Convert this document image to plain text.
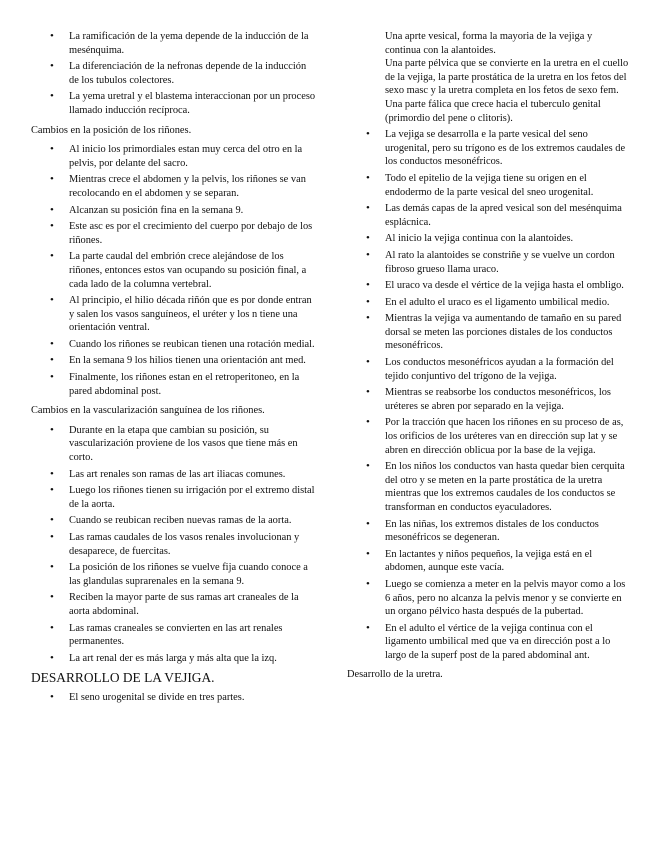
• La ramificación de la yema depende de la inducción de la mesénquima.
• La diferenciación de la nefronas depende de la inducción de los tubulos colectores.
• La yema uretral y el blastema interaccionan por un proceso llamado inducción recíproca.
Cambios en la posición de los riñones.
• Al inicio los primordiales estan muy cerca del otro en la pelvis, por delante del sacro.
• Mientras crece el abdomen y la pelvis, los riñones se van recolocando en el abdomen y se separan.
• Alcanzan su posición fina en la semana 9.
• Este asc es por el crecimiento del cuerpo por debajo de los riñones.
• La parte caudal del embrión crece alejándose de los riñones, entonces estos van ocupando su posición final, a cada lado de la columna vertebral.
• Al principio, el hilio década riñón que es por donde entran y salen los vasos sanguíneos, el uréter y los n tiene una orientación ventral.
• Cuando los riñones se reubican tienen una rotación medial.
• En la semana 9 los hilios tienen una orientación ant med.
• Finalmente, los riñones estan en el retroperitoneo, en la pared abdominal post.
Cambios en la vascularización sanguínea de los riñones.
• Durante en la etapa que cambian su posición, su vascularización proviene de los vasos que tiene más en corto.
• Las art renales son ramas de las art iliacas comunes.
• Luego los riñones tienen su irrigación por el extremo distal de la aorta.
• Cuando se reubican reciben nuevas ramas de la aorta.
• Las ramas caudales de los vasos renales involucionan y desaparece, de fuercitas.
• La posición de los riñones se vuelve fija cuando conoce a las glandulas suprarenales en la semana 9.
• Reciben la mayor parte de sus ramas art craneales de la aorta abdominal.
• Las ramas craneales se convierten en las art renales permanentes.
• La art renal der es más larga y más alta que la izq.
DESARROLLO DE LA VEJIGA.
• El seno urogenital se divide en tres partes.
Una aprte vesical, forma la mayoria de la vejiga y continua con la alantoides.
Una parte pélvica que se convierte en la uretra en el cuello de la vejiga, la parte prostática de la uretra en los fetos del sexo masc y la uretra completa en los fetos de sexo fem.
Una parte fálica que crece hacia el tuberculo genital (primordio del pene o clitoris).
• La vejiga se desarrolla e la parte vesical del seno urogenital, pero su trígono es de los extremos caudales de los conductos mesonéfricos.
• Todo el epitelio de la vejiga tiene su origen en el endodermo de la parte vesical del sneo urogenital.
• Las demás capas de la apred vesical son del mesénquima esplácnica.
• Al inicio la vejiga continua con la alantoides.
• Al rato la alantoides se constriñe y se vuelve un cordon fibroso grueso llama uraco.
• El uraco va desde el vértice de la vejiga hasta el ombligo.
• En el adulto el uraco es el ligamento umbilical medio.
• Mientras la vejiga va aumentando de tamaño en su pared dorsal se meten las porciones distales de los conductos mesonéfricos.
• Los conductos mesonéfricos ayudan a la formación del tejido conjuntivo del trígono de la vejiga.
• Mientras se reabsorbe los conductos mesonéfricos, los uréteres se abren por separado en la vejiga.
• Por la tracción que hacen los riñones en su proceso de as, los orificios de los uréteres van en dirección sup lat y se abren en dirección oblicua por la base de la vejiga.
• En los niños los conductos van hasta quedar bien cerquita del otro y se meten en la parte prostática de la uretra mientras que los extremos caudales de los conductos se transforman en conductos eyaculadores.
• En las niñas, los extremos distales de los conductos mesonéfricos se degeneran.
• En lactantes y niños pequeños, la vejiga está en el abdomen, aunque este vacía.
• Luego se comienza a meter en la pelvis mayor como a los 6 años, pero no alcanza la pelvis menor y se convierte en un organo pélvico hasta después de la pubertad.
• En el adulto el vértice de la vejiga continua con el ligamento umbilical med que va en dirección post a lo largo de la superf post de la pared abdominal ant.
Desarrollo de la uretra.
